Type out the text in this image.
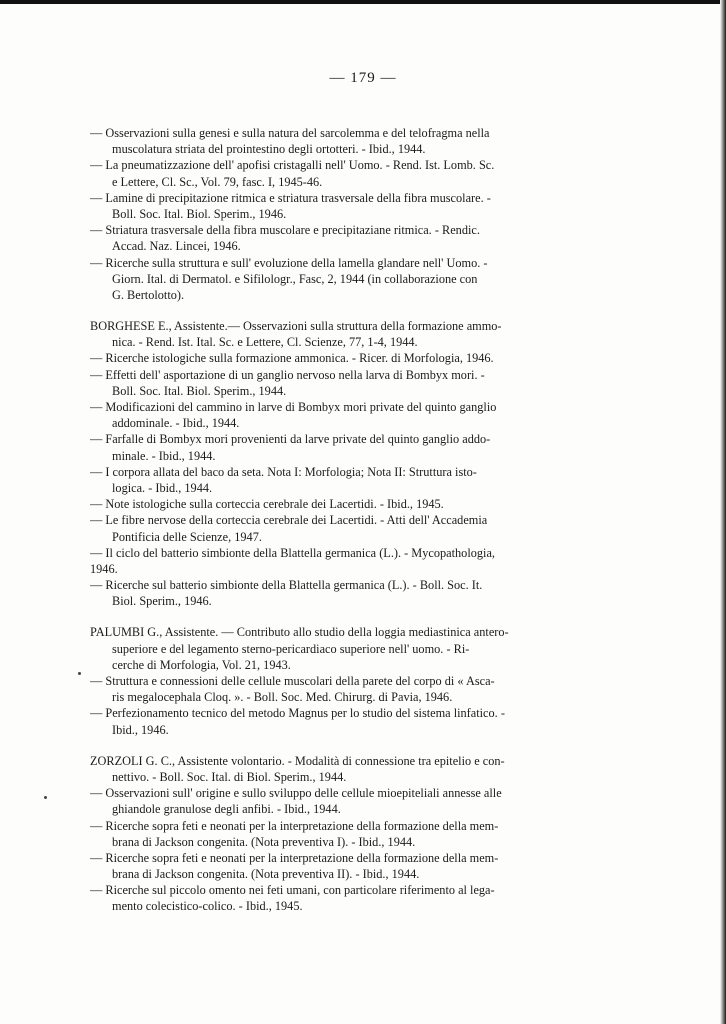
— 179 —
— Osservazioni sulla genesi e sulla natura del sarcolemma e del telofragma nella
muscolatura striata del prointestino degli ortotteri. - Ibid., 1944.
— La pneumatizzazione dell' apofisi cristagalli nell' Uomo. - Rend. Ist. Lomb. Sc.
e Lettere, Cl. Sc., Vol. 79, fasc. I, 1945-46.
— Lamine di precipitazione ritmica e striatura trasversale della fibra muscolare. -
Boll. Soc. Ital. Biol. Sperim., 1946.
— Striatura trasversale della fibra muscolare e precipitaziane ritmica. - Rendic.
Accad. Naz. Lincei, 1946.
— Ricerche sulla struttura e sull' evoluzione della lamella glandare nell' Uomo. -
Giorn. Ital. di Dermatol. e Sifilologr., Fasc, 2, 1944 (in collaborazione con
G. Bertolotto).
BORGHESE E., Assistente.— Osservazioni sulla struttura della formazione ammo-
nica. - Rend. Ist. Ital. Sc. e Lettere, Cl. Scienze, 77, 1-4, 1944.
— Ricerche istologiche sulla formazione ammonica. - Ricer. di Morfologia, 1946.
— Effetti dell' asportazione di un ganglio nervoso nella larva di Bombyx mori. -
Boll. Soc. Ital. Biol. Sperim., 1944.
— Modificazioni del cammino in larve di Bombyx mori private del quinto ganglio
addominale. - Ibid., 1944.
— Farfalle di Bombyx mori provenienti da larve private del quinto ganglio addo-
minale. - Ibid., 1944.
— I corpora allata del baco da seta. Nota I: Morfologia; Nota II: Struttura isto-
logica. - Ibid., 1944.
— Note istologiche sulla corteccia cerebrale dei Lacertidi. - Ibid., 1945.
— Le fibre nervose della corteccia cerebrale dei Lacertidi. - Atti dell' Accademia
Pontificia delle Scienze, 1947.
— Il ciclo del batterio simbionte della Blattella germanica (L.). - Mycopathologia,
1946.
— Ricerche sul batterio simbionte della Blattella germanica (L.). - Boll. Soc. It.
Biol. Sperim., 1946.
PALUMBI G., Assistente. — Contributo allo studio della loggia mediastinica antero-
superiore e del legamento sterno-pericardiaco superiore nell' uomo. - Ri-
cerche di Morfologia, Vol. 21, 1943.
— Struttura e connessioni delle cellule muscolari della parete del corpo di « Asca-
ris megalocephala Cloq. ». - Boll. Soc. Med. Chirurg. di Pavia, 1946.
— Perfezionamento tecnico del metodo Magnus per lo studio del sistema linfatico. -
Ibid., 1946.
ZORZOLI G. C., Assistente volontario. - Modalità di connessione tra epitelio e con-
nettivo. - Boll. Soc. Ital. di Biol. Sperim., 1944.
— Osservazioni sull' origine e sullo sviluppo delle cellule mioepiteliali annesse alle
ghiandole granulose degli anfibi. - Ibid., 1944.
— Ricerche sopra feti e neonati per la interpretazione della formazione della mem-
brana di Jackson congenita. (Nota preventiva I). - Ibid., 1944.
— Ricerche sopra feti e neonati per la interpretazione della formazione della mem-
brana di Jackson congenita. (Nota preventiva II). - Ibid., 1944.
— Ricerche sul piccolo omento nei feti umani, con particolare riferimento al lega-
mento colecistico-colico. - Ibid., 1945.
